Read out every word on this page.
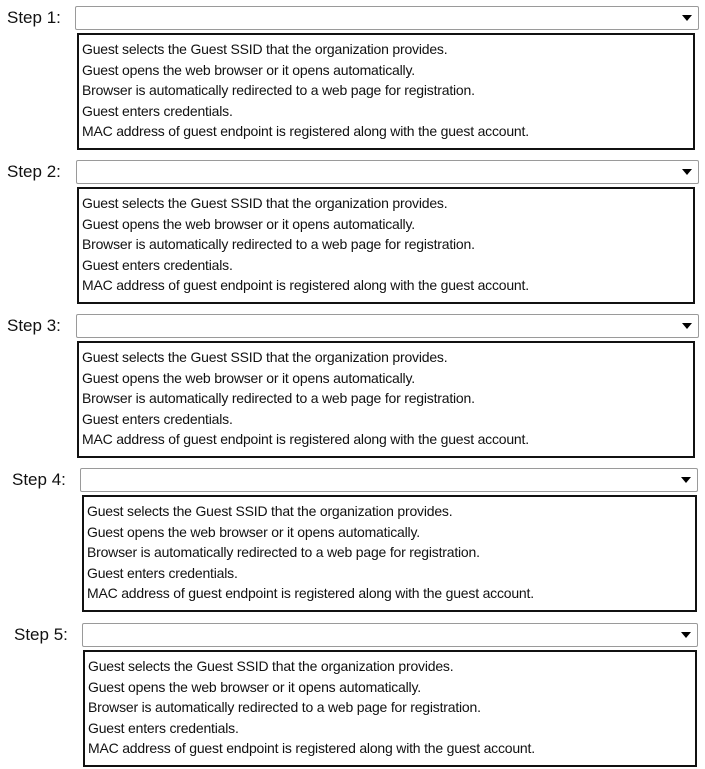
Step 1:
Guest selects the Guest SSID that the organization provides.
Guest opens the web browser or it opens automatically.
Browser is automatically redirected to a web page for registration.
Guest enters credentials.
MAC address of guest endpoint is registered along with the guest account.
Step 2:
Guest selects the Guest SSID that the organization provides.
Guest opens the web browser or it opens automatically.
Browser is automatically redirected to a web page for registration.
Guest enters credentials.
MAC address of guest endpoint is registered along with the guest account.
Step 3:
Guest selects the Guest SSID that the organization provides.
Guest opens the web browser or it opens automatically.
Browser is automatically redirected to a web page for registration.
Guest enters credentials.
MAC address of guest endpoint is registered along with the guest account.
Step 4:
Guest selects the Guest SSID that the organization provides.
Guest opens the web browser or it opens automatically.
Browser is automatically redirected to a web page for registration.
Guest enters credentials.
MAC address of guest endpoint is registered along with the guest account.
Step 5:
Guest selects the Guest SSID that the organization provides.
Guest opens the web browser or it opens automatically.
Browser is automatically redirected to a web page for registration.
Guest enters credentials.
MAC address of guest endpoint is registered along with the guest account.
